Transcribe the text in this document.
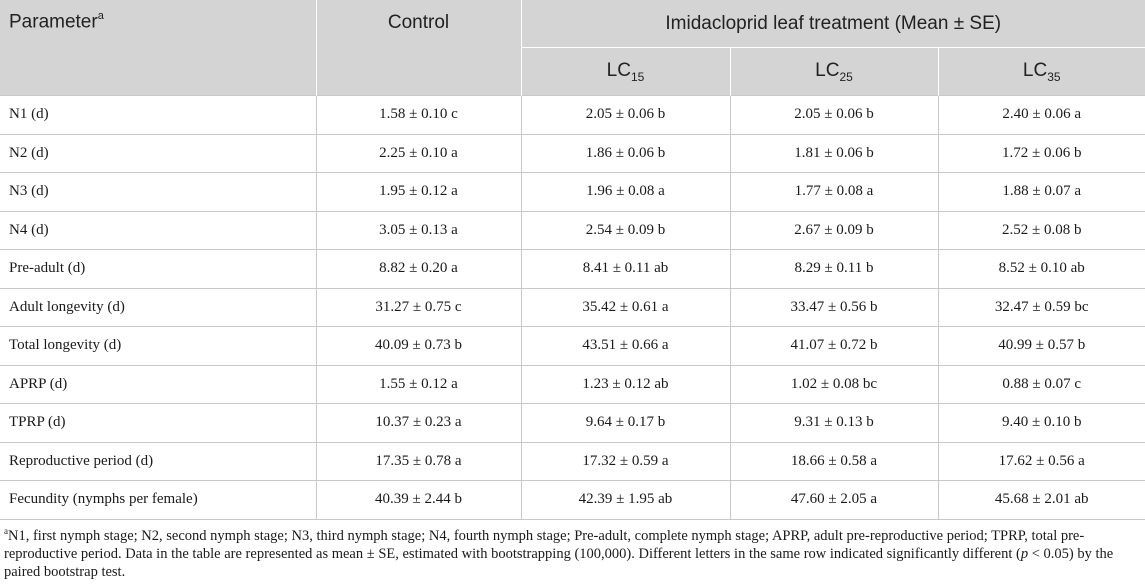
Parameter$^a$	Control	Imidacloprid leaf treatment (Mean ± SE)		
		$LC_{15}$	$LC_{25}$	$LC_{35}$
N1 (d)	1.58 ± 0.10 c	2.05 ± 0.06 b	2.05 ± 0.06 b	2.40 ± 0.06 a
N2 (d)	2.25 ± 0.10 a	1.86 ± 0.06 b	1.81 ± 0.06 b	1.72 ± 0.06 b
N3 (d)	1.95 ± 0.12 a	1.96 ± 0.08 a	1.77 ± 0.08 a	1.88 ± 0.07 a
N4 (d)	3.05 ± 0.13 a	2.54 ± 0.09 b	2.67 ± 0.09 b	2.52 ± 0.08 b
Pre-adult (d)	8.82 ± 0.20 a	8.41 ± 0.11 ab	8.29 ± 0.11 b	8.52 ± 0.10 ab
Adult longevity (d)	31.27 ± 0.75 c	35.42 ± 0.61 a	33.47 ± 0.56 b	32.47 ± 0.59 bc
Total longevity (d)	40.09 ± 0.73 b	43.51 ± 0.66 a	41.07 ± 0.72 b	40.99 ± 0.57 b
APRP (d)	1.55 ± 0.12 a	1.23 ± 0.12 ab	1.02 ± 0.08 bc	0.88 ± 0.07 c
TPRP (d)	10.37 ± 0.23 a	9.64 ± 0.17 b	9.31 ± 0.13 b	9.40 ± 0.10 b
Reproductive period (d)	17.35 ± 0.78 a	17.32 ± 0.59 a	18.66 ± 0.58 a	17.62 ± 0.56 a
Fecundity (nymphs per female)	40.39 ± 2.44 b	42.39 ± 1.95 ab	47.60 ± 2.05 a	45.68 ± 2.01 ab
$^a$N1, first nymph stage; N2, second nymph stage; N3, third nymph stage; N4, fourth nymph stage; Pre-adult, complete nymph stage; APRP, adult pre-reproductive period; TPRP, total pre-reproductive period. Data in the table are represented as mean ± SE, estimated with bootstrapping (100,000). Different letters in the same row indicated significantly different (p < 0.05) by the paired bootstrap test.
